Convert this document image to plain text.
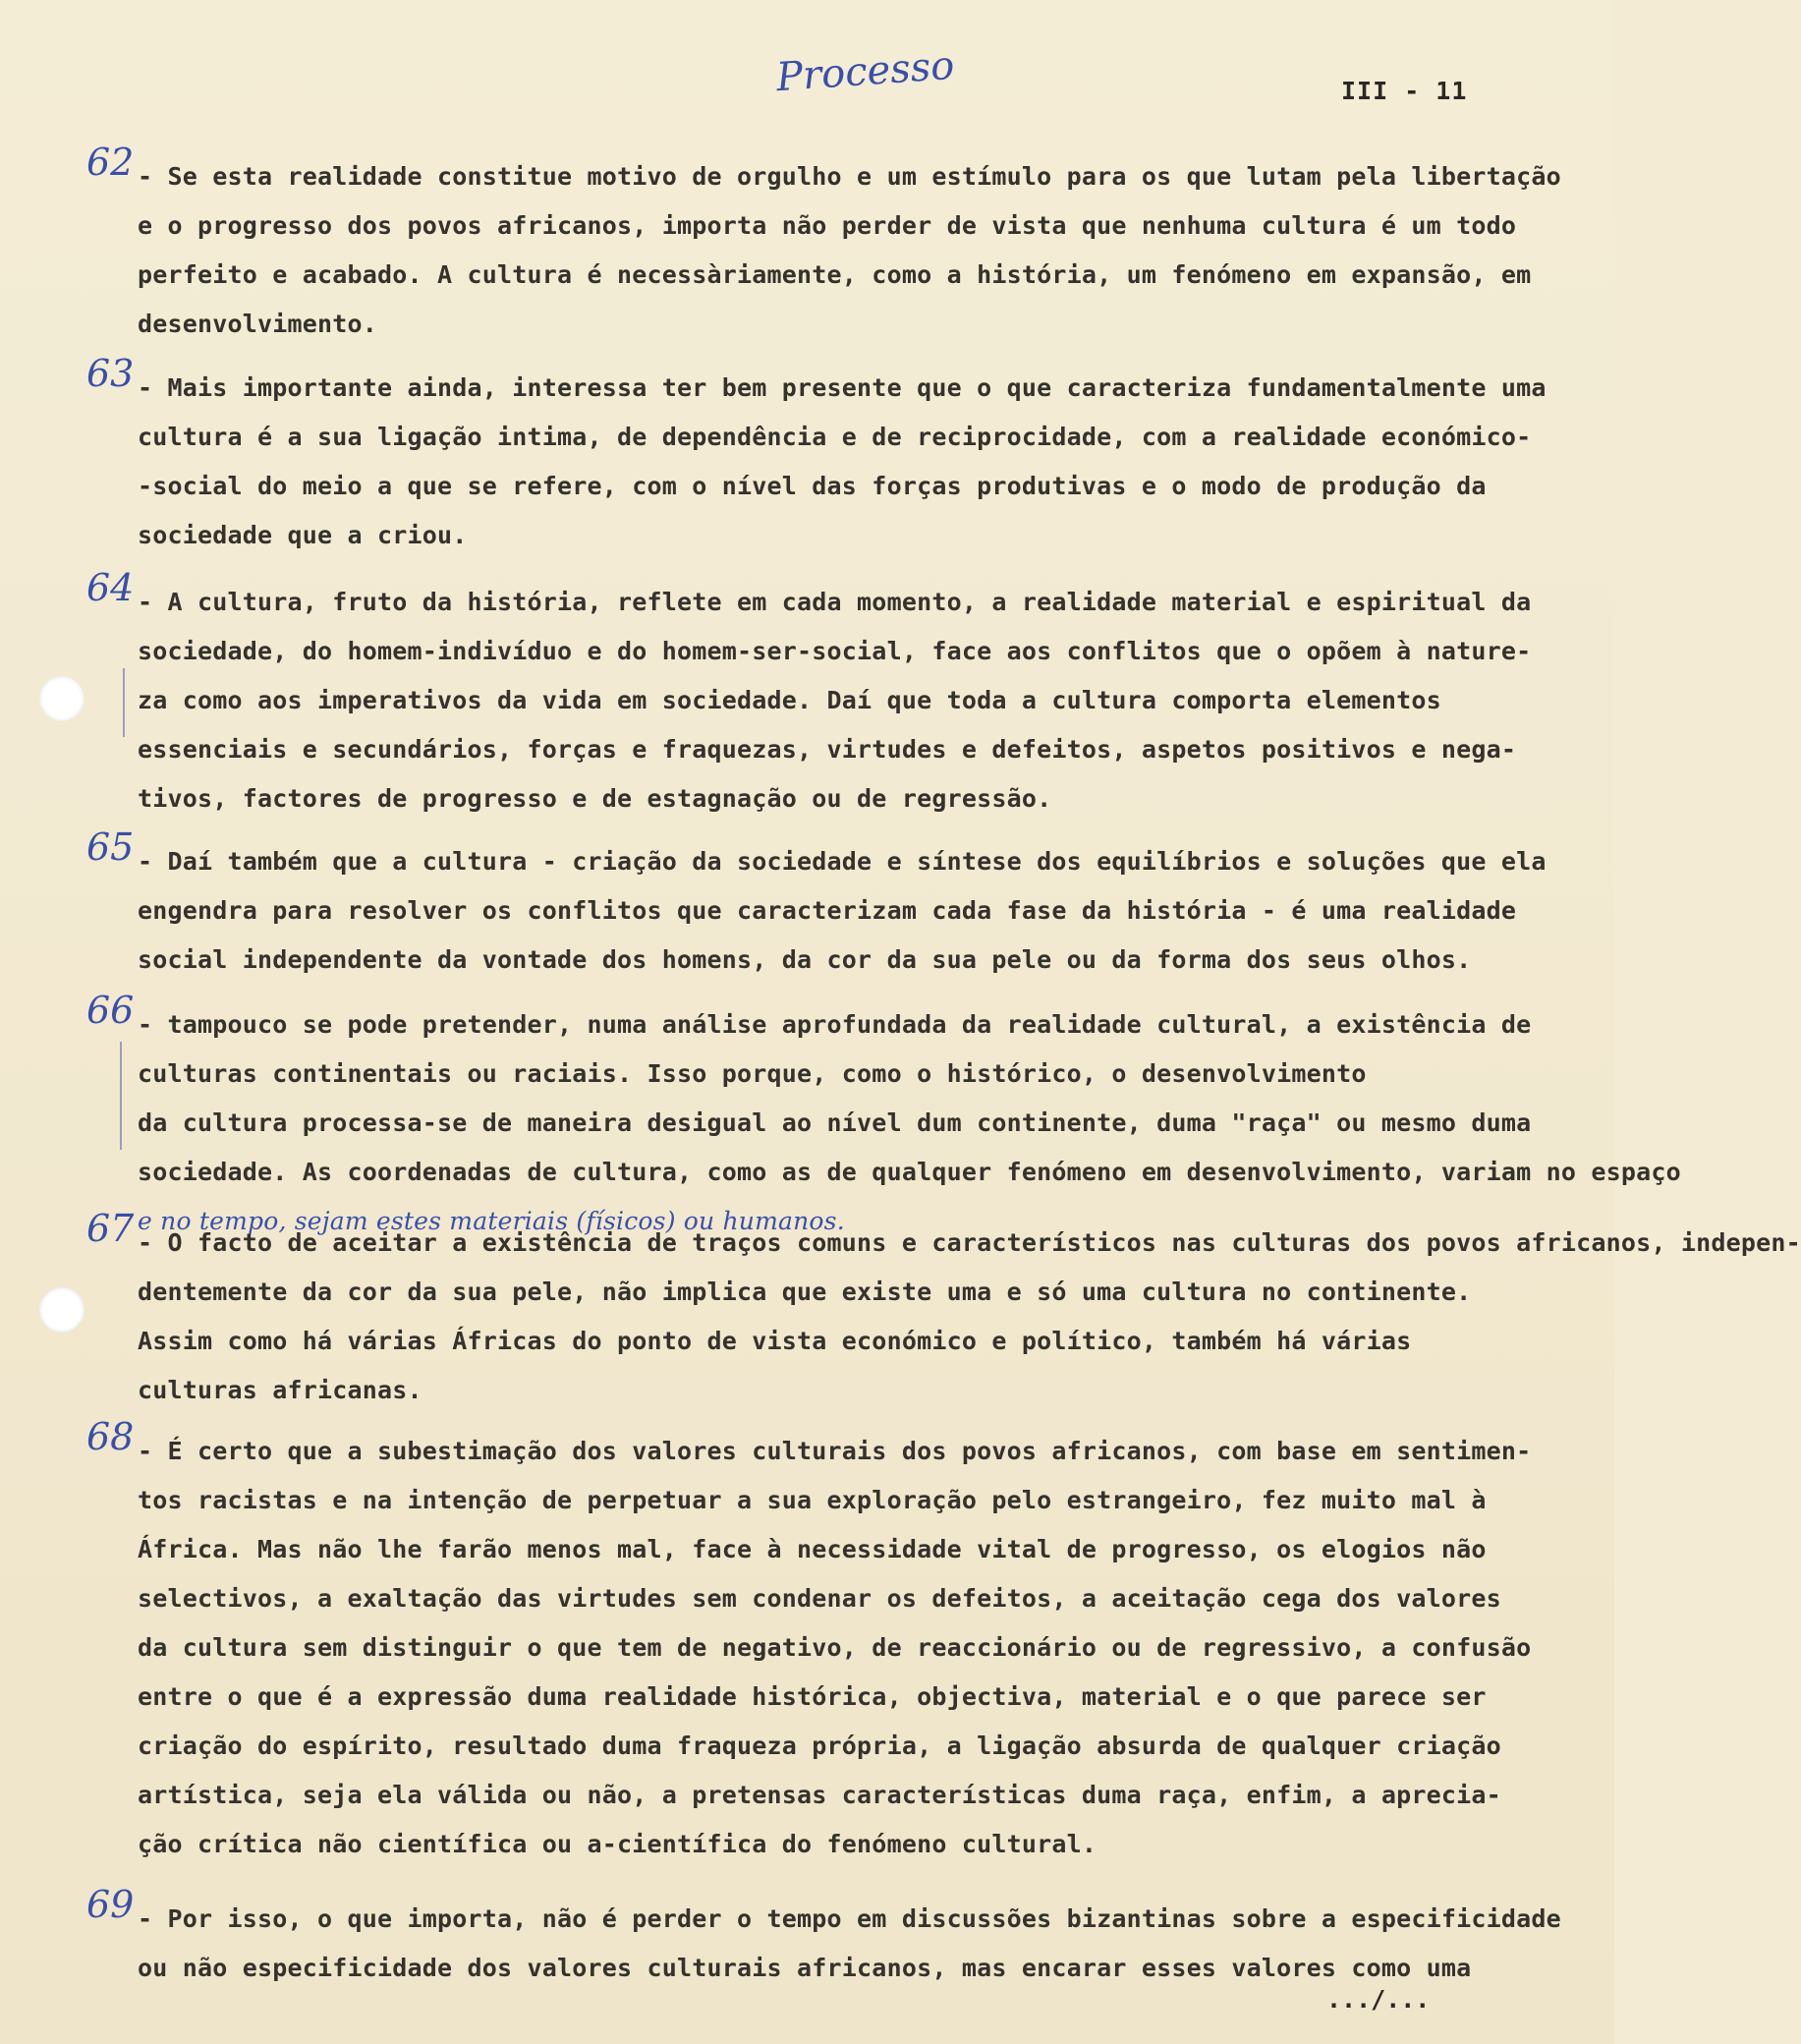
Processo	III - 11
62 - Se esta realidade constitue motivo de orgulho e um estímulo para os que lutam pela libertação
e o progresso dos povos africanos, importa não perder de vista que nenhuma cultura é um todo
perfeito e acabado. A cultura é necessàriamente, como a história, um fenómeno em expansão, em
desenvolvimento.
63 - Mais importante ainda, interessa ter bem presente que o que caracteriza fundamentalmente uma
cultura é a sua ligação intima, de dependência e de reciprocidade, com a realidade económico-
-social do meio a que se refere, com o nível das forças produtivas e o modo de produção da
sociedade que a criou.
64 - A cultura, fruto da história, reflete em cada momento, a realidade material e espiritual da
sociedade, do homem-indivíduo e do homem-ser-social, face aos conflitos que o opõem à nature-
za como aos imperativos da vida em sociedade. Daí que toda a cultura comporta elementos
essenciais e secundários, forças e fraquezas, virtudes e defeitos, aspetos positivos e nega-
tivos, factores de progresso e de estagnação ou de regressão.
65 - Daí também que a cultura - criação da sociedade e síntese dos equilíbrios e soluções que ela
engendra para resolver os conflitos que caracterizam cada fase da história - é uma realidade
social independente da vontade dos homens, da cor da sua pele ou da forma dos seus olhos.
66 - tampouco se pode pretender, numa análise aprofundada da realidade cultural, a existência de
culturas continentais ou raciais. Isso porque, como o histórico, o desenvolvimento
da cultura processa-se de maneira desigual ao nível dum continente, duma "raça" ou mesmo duma
sociedade. As coordenadas de cultura, como as de qualquer fenómeno em desenvolvimento, variam no espaço
e no tempo, sejam estes materiais (físicos) ou humanos.
67 - O facto de aceitar a existência de traços comuns e característicos nas culturas dos povos africanos, indepen-
dentemente da cor da sua pele, não implica que existe uma e só uma cultura no continente.
Assim como há várias Áfricas do ponto de vista económico e político, também há várias
culturas africanas.
68 - É certo que a subestimação dos valores culturais dos povos africanos, com base em sentimen-
tos racistas e na intenção de perpetuar a sua exploração pelo estrangeiro, fez muito mal à
África. Mas não lhe farão menos mal, face à necessidade vital de progresso, os elogios não
selectivos, a exaltação das virtudes sem condenar os defeitos, a aceitação cega dos valores
da cultura sem distinguir o que tem de negativo, de reaccionário ou de regressivo, a confusão
entre o que é a expressão duma realidade histórica, objectiva, material e o que parece ser
criação do espírito, resultado duma fraqueza própria, a ligação absurda de qualquer criação
artística, seja ela válida ou não, a pretensas características duma raça, enfim, a aprecia-
ção crítica não científica ou a-científica do fenómeno cultural.
69 - Por isso, o que importa, não é perder o tempo em discussões bizantinas sobre a especificidade
ou não especificidade dos valores culturais africanos, mas encarar esses valores como uma
.../...
